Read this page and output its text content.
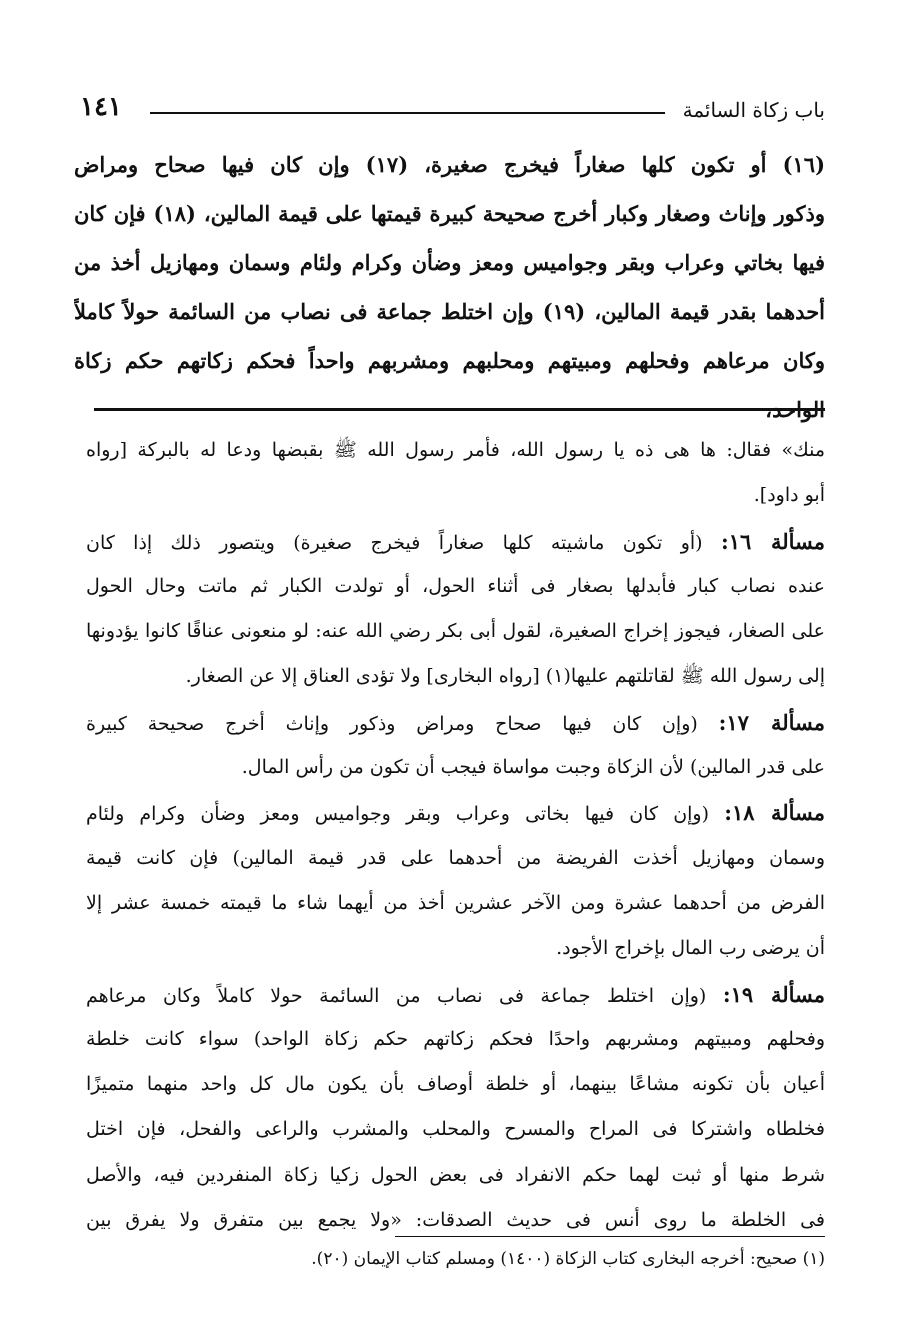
باب زكاة السائمة
١٤١
(١٦) أو تكون كلها صغاراً فيخرج صغيرة، (١٧) وإن كان فيها صحاح ومراض
وذكور وإناث وصغار وكبار أخرج صحيحة كبيرة قيمتها على قيمة المالين، (١٨) فإن كان
فيها بخاتي وعراب وبقر وجواميس ومعز وضأن وكرام ولئام وسمان ومهازيل أخذ من
أحدهما بقدر قيمة المالين، (١٩) وإن اختلط جماعة فى نصاب من السائمة حولاً كاملاً
وكان مرعاهم وفحلهم ومبيتهم ومحلبهم ومشربهم واحداً فحكم زكاتهم حكم زكاة
الواحد،
منك» فقال: ها هى ذه يا رسول الله، فأمر رسول الله ﷺ بقبضها ودعا له بالبركة [رواه
أبو داود].
مسألة ١٦: (أو تكون ماشيته كلها صغاراً فيخرج صغيرة) ويتصور ذلك إذا كان
عنده نصاب كبار فأبدلها بصغار فى أثناء الحول، أو تولدت الكبار ثم ماتت وحال الحول
على الصغار، فيجوز إخراج الصغيرة، لقول أبى بكر رضي الله عنه: لو منعونى عناقًا كانوا يؤدونها
إلى رسول الله ﷺ لقاتلتهم عليها(١) [رواه البخارى] ولا تؤدى العناق إلا عن الصغار.
مسألة ١٧: (وإن كان فيها صحاح ومراض وذكور وإناث أخرج صحيحة كبيرة
على قدر المالين) لأن الزكاة وجبت مواساة فيجب أن تكون من رأس المال.
مسألة ١٨: (وإن كان فيها بخاتى وعراب وبقر وجواميس ومعز وضأن وكرام ولئام
وسمان ومهازيل أخذت الفريضة من أحدهما على قدر قيمة المالين) فإن كانت قيمة
الفرض من أحدهما عشرة ومن الآخر عشرين أخذ من أيهما شاء ما قيمته خمسة عشر إلا
أن يرضى رب المال بإخراج الأجود.
مسألة ١٩: (وإن اختلط جماعة فى نصاب من السائمة حولا كاملاً وكان مرعاهم
وفحلهم ومبيتهم ومشربهم واحدًا فحكم زكاتهم حكم زكاة الواحد) سواء كانت خلطة
أعيان بأن تكونه مشاعًا بينهما، أو خلطة أوصاف بأن يكون مال كل واحد منهما متميزًا
فخلطاه واشتركا فى المراح والمسرح والمحلب والمشرب والراعى والفحل، فإن اختل
شرط منها أو ثبت لهما حكم الانفراد فى بعض الحول زكيا زكاة المنفردين فيه، والأصل
فى الخلطة ما روى أنس فى حديث الصدقات: «ولا يجمع بين متفرق ولا يفرق بين
(١) صحيح: أخرجه البخارى كتاب الزكاة (١٤٠٠) ومسلم كتاب الإيمان (٢٠).
